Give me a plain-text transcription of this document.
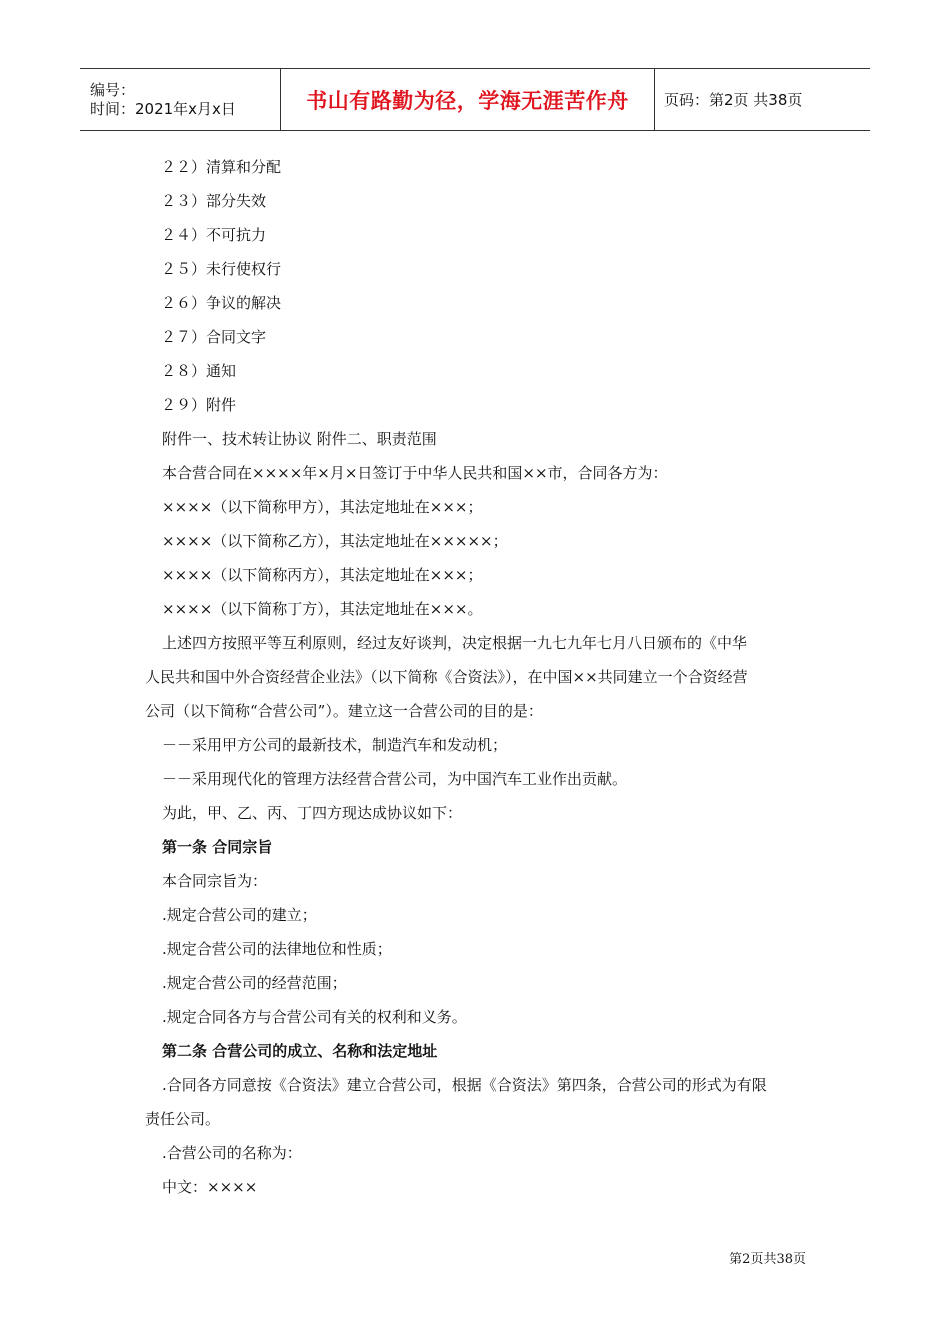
编号：
时间：2021年x月x日	书山有路勤为径，学海无涯苦作舟	页码：第2页 共38页
２２）清算和分配
２３）部分失效
２４）不可抗力
２５）未行使权行
２６）争议的解决
２７）合同文字
２８）通知
２９）附件
附件一、技术转让协议 附件二、职责范围
本合营合同在××××年×月×日签订于中华人民共和国××市，合同各方为：
××××（以下简称甲方），其法定地址在×××；
××××（以下简称乙方），其法定地址在×××××；
××××（以下简称丙方），其法定地址在×××；
××××（以下简称丁方），其法定地址在×××。
上述四方按照平等互利原则，经过友好谈判，决定根据一九七九年七月八日颁布的《中华
人民共和国中外合资经营企业法》（以下简称《合资法》），在中国××共同建立一个合资经营
公司（以下简称“合营公司”）。建立这一合营公司的目的是：
－－采用甲方公司的最新技术，制造汽车和发动机；
－－采用现代化的管理方法经营合营公司，为中国汽车工业作出贡献。
为此，甲、乙、丙、丁四方现达成协议如下：
第一条 合同宗旨
本合同宗旨为：
.规定合营公司的建立；
.规定合营公司的法律地位和性质；
.规定合营公司的经营范围；
.规定合同各方与合营公司有关的权利和义务。
第二条 合营公司的成立、名称和法定地址
.合同各方同意按《合资法》建立合营公司，根据《合资法》第四条，合营公司的形式为有限
责任公司。
.合营公司的名称为：
中文：××××
第2页共38页
